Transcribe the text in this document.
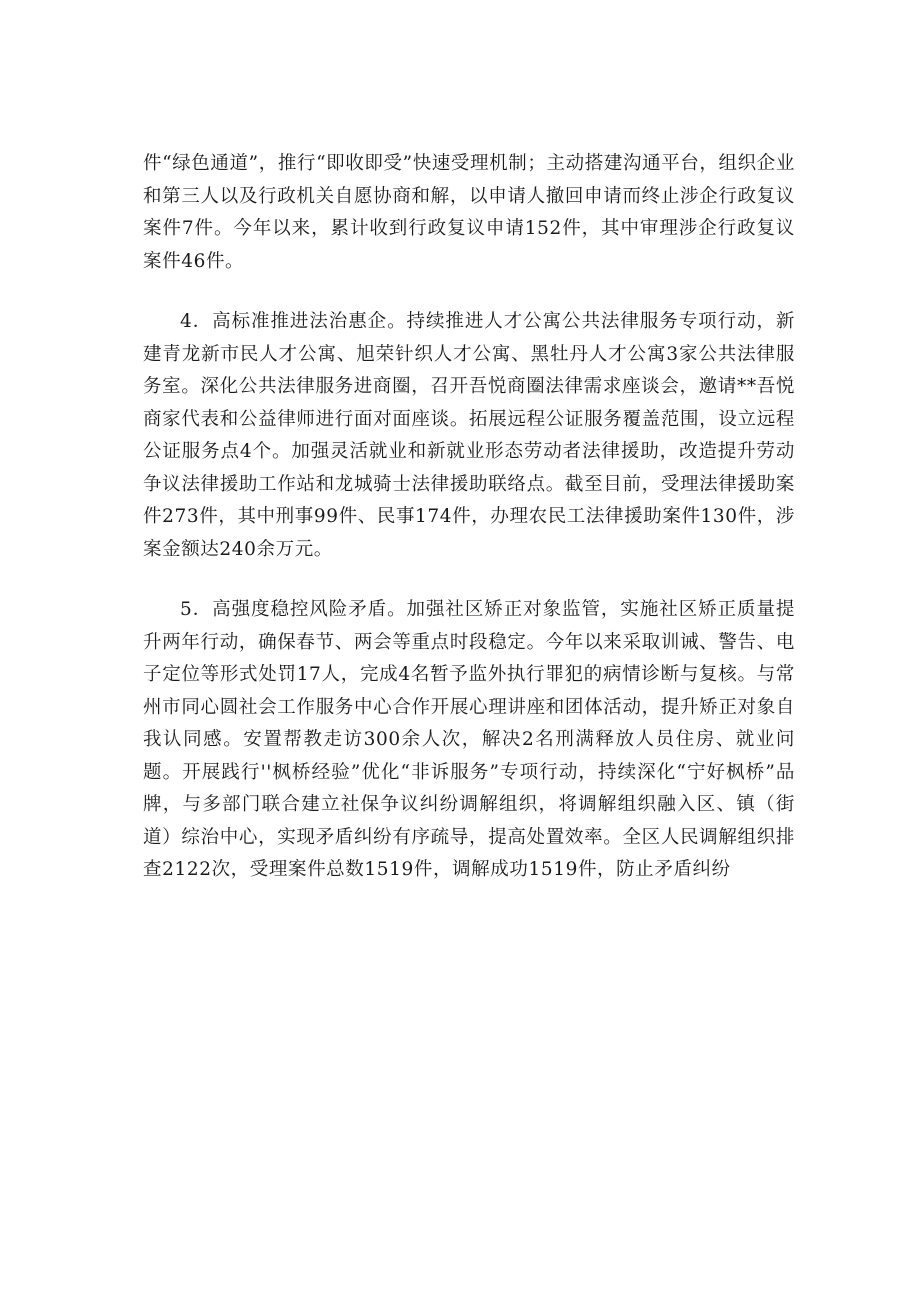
件“绿色通道”，推行“即收即受”快速受理机制；主动搭建沟通平台，组织企业和第三人以及行政机关自愿协商和解，以申请人撤回申请而终止涉企行政复议案件7件。今年以来，累计收到行政复议申请152件，其中审理涉企行政复议案件46件。

4．高标准推进法治惠企。持续推进人才公寓公共法律服务专项行动，新建青龙新市民人才公寓、旭荣针织人才公寓、黑牡丹人才公寓3家公共法律服务室。深化公共法律服务进商圈，召开吾悦商圈法律需求座谈会，邀请**吾悦商家代表和公益律师进行面对面座谈。拓展远程公证服务覆盖范围，设立远程公证服务点4个。加强灵活就业和新就业形态劳动者法律援助，改造提升劳动争议法律援助工作站和龙城骑士法律援助联络点。截至目前，受理法律援助案件273件，其中刑事99件、民事174件，办理农民工法律援助案件130件，涉案金额达240余万元。

5．高强度稳控风险矛盾。加强社区矫正对象监管，实施社区矫正质量提升两年行动，确保春节、两会等重点时段稳定。今年以来采取训诫、警告、电子定位等形式处罚17人，完成4名暂予监外执行罪犯的病情诊断与复核。与常州市同心圆社会工作服务中心合作开展心理讲座和团体活动，提升矫正对象自我认同感。安置帮教走访300余人次，解决2名刑满释放人员住房、就业问题。开展践行''枫桥经验”优化“非诉服务”专项行动，持续深化“宁好枫桥”品牌，与多部门联合建立社保争议纠纷调解组织，将调解组织融入区、镇（街道）综治中心，实现矛盾纠纷有序疏导，提高处置效率。全区人民调解组织排查2122次，受理案件总数1519件，调解成功1519件，防止矛盾纠纷
